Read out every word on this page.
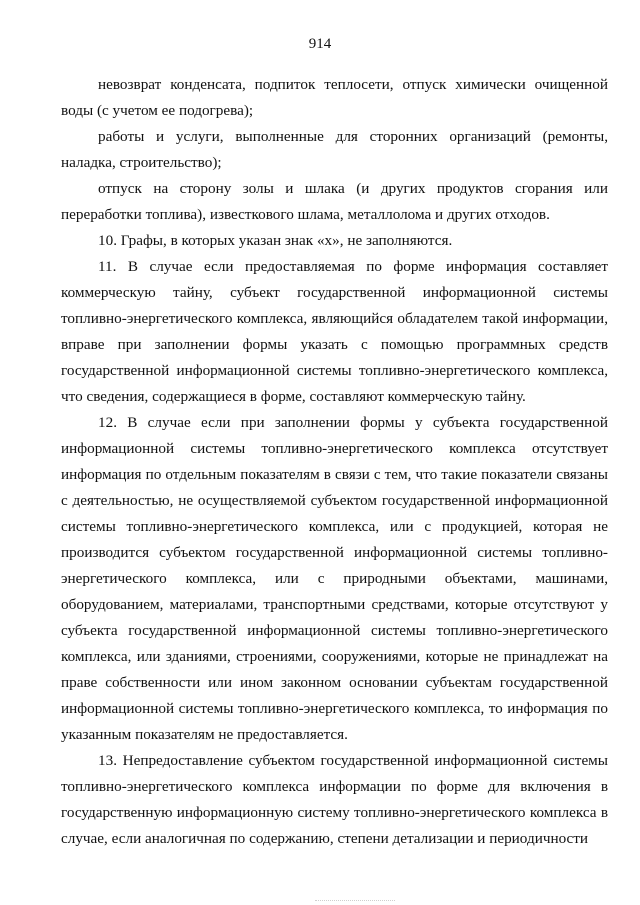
914

невозврат конденсата, подпиток теплосети, отпуск химически очищенной воды (с учетом ее подогрева);

работы и услуги, выполненные для сторонних организаций (ремонты, наладка, строительство);

отпуск на сторону золы и шлака (и других продуктов сгорания или переработки топлива), известкового шлама, металлолома и других отходов.

10. Графы, в которых указан знак «х», не заполняются.

11. В случае если предоставляемая по форме информация составляет коммерческую тайну, субъект государственной информационной системы топливно-энергетического комплекса, являющийся обладателем такой информации, вправе при заполнении формы указать с помощью программных средств государственной информационной системы топливно-энергетического комплекса, что сведения, содержащиеся в форме, составляют коммерческую тайну.

12. В случае если при заполнении формы у субъекта государственной информационной системы топливно-энергетического комплекса отсутствует информация по отдельным показателям в связи с тем, что такие показатели связаны с деятельностью, не осуществляемой субъектом государственной информационной системы топливно-энергетического комплекса, или с продукцией, которая не производится субъектом государственной информационной системы топливно-энергетического комплекса, или с природными объектами, машинами, оборудованием, материалами, транспортными средствами, которые отсутствуют у субъекта государственной информационной системы топливно-энергетического комплекса, или зданиями, строениями, сооружениями, которые не принадлежат на праве собственности или ином законном основании субъектам государственной информационной системы топливно-энергетического комплекса, то информация по указанным показателям не предоставляется.

13. Непредоставление субъектом государственной информационной системы топливно-энергетического комплекса информации по форме для включения в государственную информационную систему топливно-энергетического комплекса в случае, если аналогичная по содержанию, степени детализации и периодичности
